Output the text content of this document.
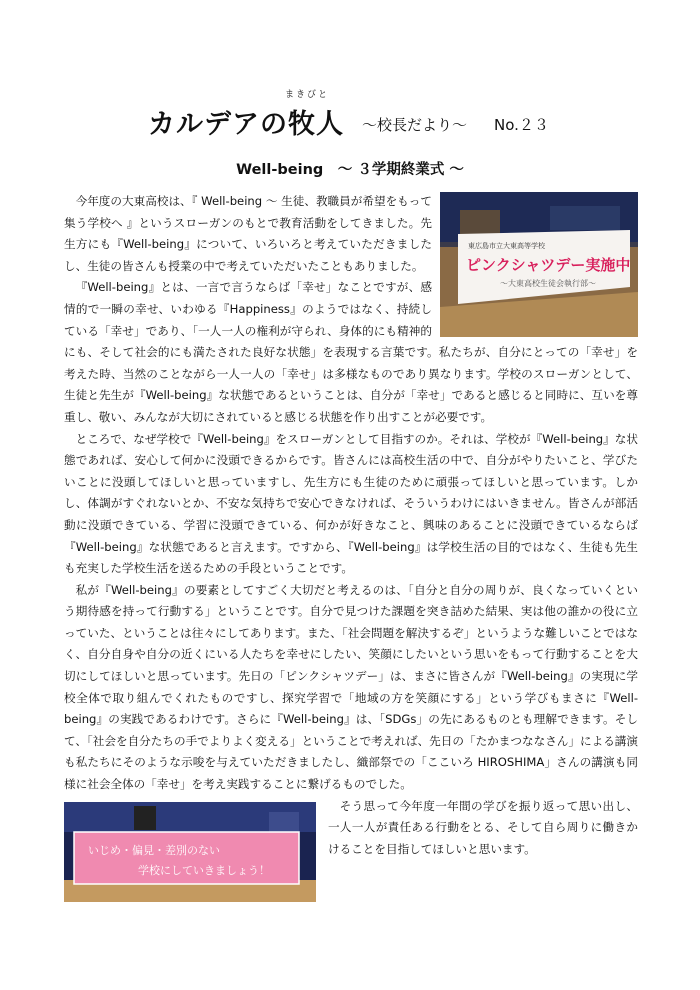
まきびと
カルデアの牧人 ～校長だより～ No.２３
Well-being　～ ３学期終業式 ～
東広島市立大東高等学校
ピンクシャツデー実施中
〜大東高校生徒会執行部〜
いじめ・偏見・差別のない
学校にしていきましょう！

今年度の大東高校は、『 Well-being ～ 生徒、教職員が希望をもって集う学校へ 』というスローガンのもとで教育活動をしてきました。先生方にも『Well-being』について、いろいろと考えていただきましたし、生徒の皆さんも授業の中で考えていただいたこともありました。

『Well-being』とは、一言で言うならば「幸せ」なことですが、感情的で一瞬の幸せ、いわゆる『Happiness』のようではなく、持続している「幸せ」であり、「一人一人の権利が守られ、身体的にも精神的にも、そして社会的にも満たされた良好な状態」を表現する言葉です。私たちが、自分にとっての「幸せ」を考えた時、当然のことながら一人一人の「幸せ」は多様なものであり異なります。学校のスローガンとして、生徒と先生が『Well-being』な状態であるということは、自分が「幸せ」であると感じると同時に、互いを尊重し、敬い、みんなが大切にされていると感じる状態を作り出すことが必要です。

ところで、なぜ学校で『Well-being』をスローガンとして目指すのか。それは、学校が『Well-being』な状態であれば、安心して何かに没頭できるからです。皆さんには高校生活の中で、自分がやりたいこと、学びたいことに没頭してほしいと思っていますし、先生方にも生徒のために頑張ってほしいと思っています。しかし、体調がすぐれないとか、不安な気持ちで安心できなければ、そういうわけにはいきません。皆さんが部活動に没頭できている、学習に没頭できている、何かが好きなこと、興味のあることに没頭できているならば『Well-being』な状態であると言えます。ですから、『Well-being』は学校生活の目的ではなく、生徒も先生も充実した学校生活を送るための手段ということです。

私が『Well-being』の要素としてすごく大切だと考えるのは、「自分と自分の周りが、良くなっていくという期待感を持って行動する」ということです。自分で見つけた課題を突き詰めた結果、実は他の誰かの役に立っていた、ということは往々にしてあります。また、「社会問題を解決するぞ」というような難しいことではなく、自分自身や自分の近くにいる人たちを幸せにしたい、笑顔にしたいという思いをもって行動することを大切にしてほしいと思っています。先日の「ピンクシャツデー」は、まさに皆さんが『Well-being』の実現に学校全体で取り組んでくれたものですし、探究学習で「地域の方を笑顔にする」という学びもまさに『Well-being』の実践であるわけです。さらに『Well-being』は、「SDGs」の先にあるものとも理解できます。そして、「社会を自分たちの手でよりよく変える」ということで考えれば、先日の「たかまつななさん」による講演も私たちにそのような示唆を与えていただきましたし、織部祭での「ここいろ HIROSHIMA」さんの講演も同様に社会全体の「幸せ」を考え実践することに繋げるものでした。

そう思って今年度一年間の学びを振り返って思い出し、一人一人が責任ある行動をとる、そして自ら周りに働きかけることを目指してほしいと思います。
